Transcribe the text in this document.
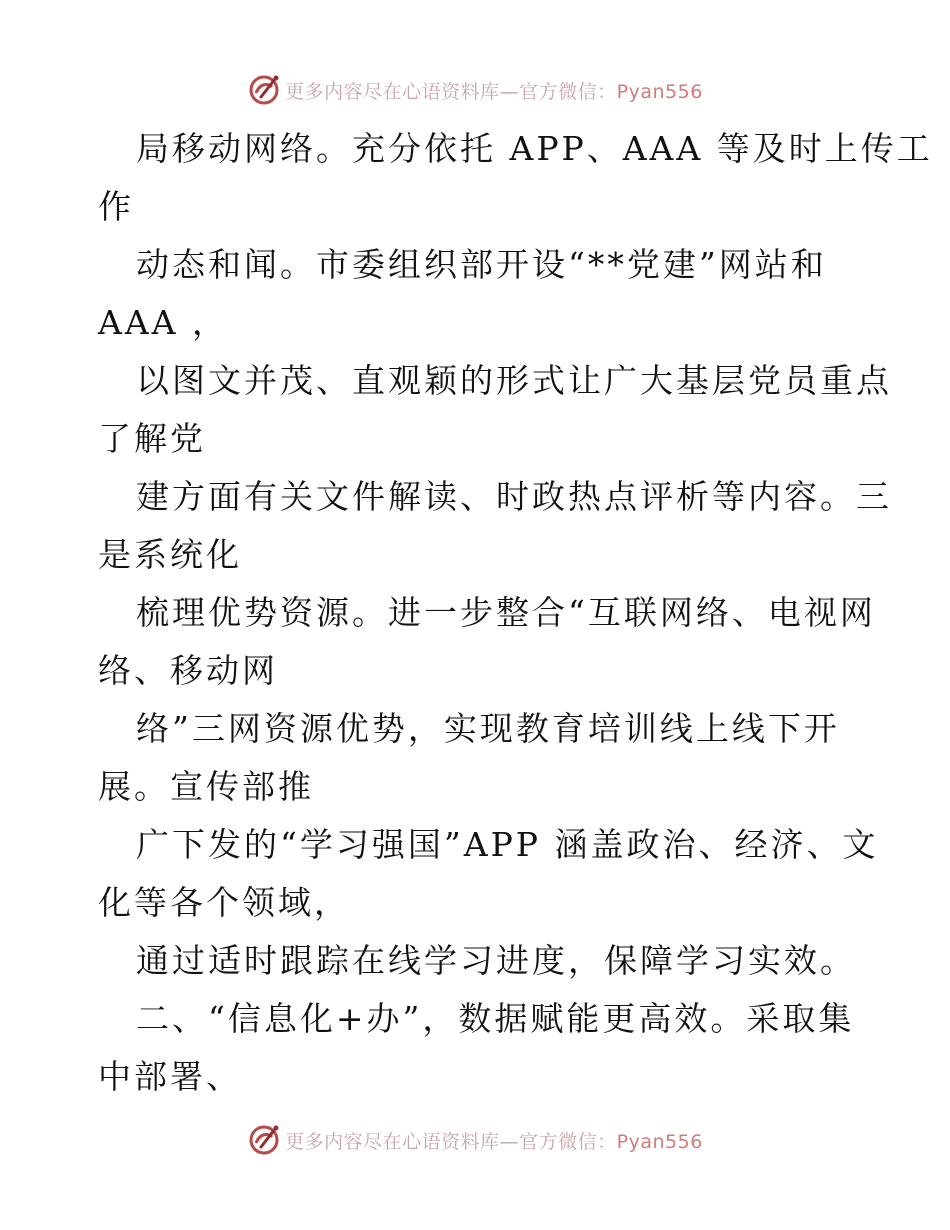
更多内容尽在心语资料库—官方微信：Pyan556
局移动网络。充分依托 APP、AAA 等及时上传工
作
动态和闻。市委组织部开设“**党建”网站和
AAA ，
以图文并茂、直观颖的形式让广大基层党员重点
了解党
建方面有关文件解读、时政热点评析等内容。三
是系统化
梳理优势资源。进一步整合“互联网络、电视网
络、移动网
络”三网资源优势，实现教育培训线上线下开
展。宣传部推
广下发的“学习强国”APP 涵盖政治、经济、文
化等各个领域，
通过适时跟踪在线学习进度，保障学习实效。
二、“信息化+办”，数据赋能更高效。采取集
中部署、
更多内容尽在心语资料库—官方微信：Pyan556
